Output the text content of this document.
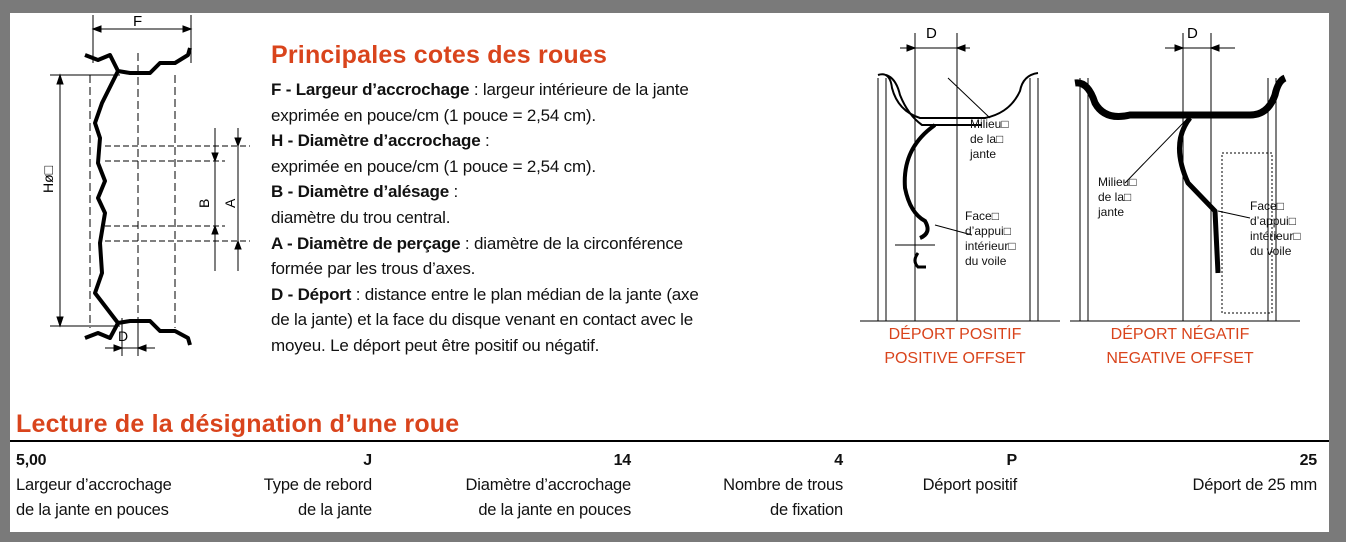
F
Hø□
B A
D
Principales cotes des roues
F - Largeur d’accrochage : largeur intérieure de la jante
exprimée en pouce/cm (1 pouce = 2,54 cm).
H - Diamètre d’accrochage :
exprimée en pouce/cm (1 pouce = 2,54 cm).
B - Diamètre d’alésage :
diamètre du trou central.
A - Diamètre de perçage : diamètre de la circonférence
formée par les trous d’axes.
D - Déport : distance entre le plan médian de la jante (axe
de la jante) et la face du disque venant en contact avec le
moyeu. Le déport peut être positif ou négatif.
D
Milieu□
de la□
jante
Face□
d’appui□
intérieur□
du voile
DÉPORT POSITIF
POSITIVE OFFSET
D
Milieu□
de la□
jante	Face□
d’appui□
intérieur□
du voile
DÉPORT NÉGATIF
NEGATIVE OFFSET
Lecture de la désignation d’une roue
5,00
Largeur d’accrochage
de la jante en pouces
J
Type de rebord
de la jante
14
Diamètre d’accrochage
de la jante en pouces
4
Nombre de trous
de fixation
P
Déport positif
25
Déport de 25 mm
